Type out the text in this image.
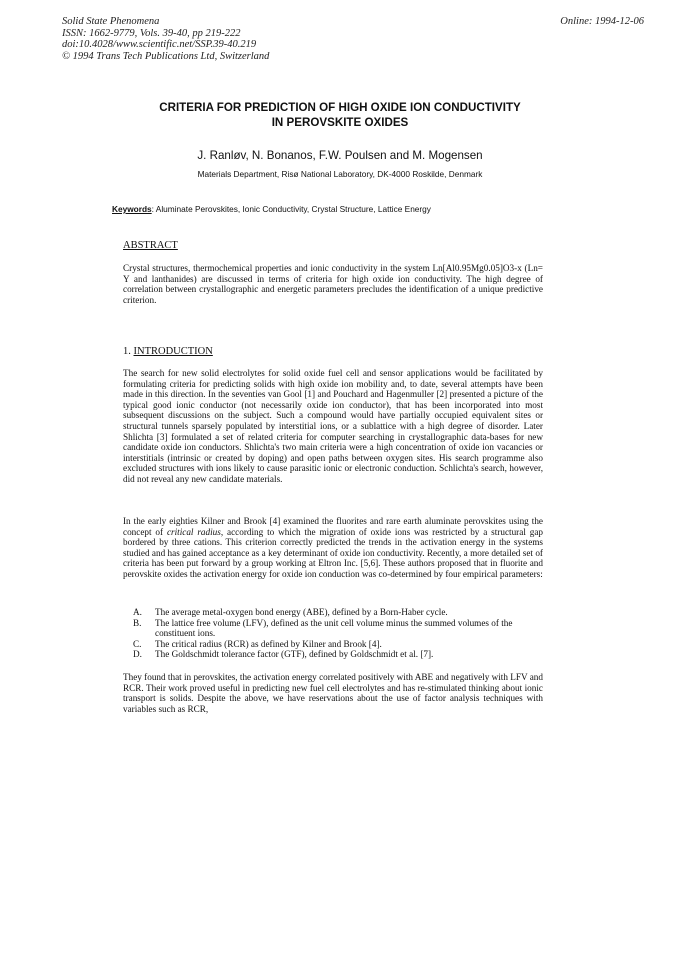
Solid State Phenomena
ISSN: 1662-9779, Vols. 39-40, pp 219-222
doi:10.4028/www.scientific.net/SSP.39-40.219
© 1994 Trans Tech Publications Ltd, Switzerland
Online: 1994-12-06
CRITERIA FOR PREDICTION OF HIGH OXIDE ION CONDUCTIVITY
IN PEROVSKITE OXIDES
J. Ranløv, N. Bonanos, F.W. Poulsen and M. Mogensen
Materials Department, Risø National Laboratory, DK-4000 Roskilde, Denmark
Keywords: Aluminate Perovskites, Ionic Conductivity, Crystal Structure, Lattice Energy
ABSTRACT

Crystal structures, thermochemical properties and ionic conductivity in the system Ln[Al0.95Mg0.05]O3-x (Ln= Y and lanthanides) are discussed in terms of criteria for high oxide ion conductivity. The high degree of correlation between crystallographic and energetic parameters precludes the identification of a unique predictive criterion.

1. INTRODUCTION

The search for new solid electrolytes for solid oxide fuel cell and sensor applications would be facilitated by formulating criteria for predicting solids with high oxide ion mobility and, to date, several attempts have been made in this direction. In the seventies van Gool [1] and Pouchard and Hagenmuller [2] presented a picture of the typical good ionic conductor (not necessarily oxide ion conductor), that has been incorporated into most subsequent discussions on the subject. Such a compound would have partially occupied equivalent sites or structural tunnels sparsely populated by interstitial ions, or a sublattice with a high degree of disorder. Later Shlichta [3] formulated a set of related criteria for computer searching in crystallographic data-bases for new candidate oxide ion conductors. Shlichta's two main criteria were a high concentration of oxide ion vacancies or interstitials (intrinsic or created by doping) and open paths between oxygen sites. His search programme also excluded structures with ions likely to cause parasitic ionic or electronic conduction. Schlichta's search, however, did not reveal any new candidate materials.

In the early eighties Kilner and Brook [4] examined the fluorites and rare earth aluminate perovskites using the concept of critical radius, according to which the migration of oxide ions was restricted by a structural gap bordered by three cations. This criterion correctly predicted the trends in the activation energy in the systems studied and has gained acceptance as a key determinant of oxide ion conductivity. Recently, a more detailed set of criteria has been put forward by a group working at Eltron Inc. [5,6]. These authors proposed that in fluorite and perovskite oxides the activation energy for oxide ion conduction was co-determined by four empirical parameters:

A.	The average metal-oxygen bond energy (ABE), defined by a Born-Haber cycle.
B.	The lattice free volume (LFV), defined as the unit cell volume minus the summed volumes of the constituent ions.
C.	The critical radius (RCR) as defined by Kilner and Brook [4].
D.	The Goldschmidt tolerance factor (GTF), defined by Goldschmidt et al. [7].

They found that in perovskites, the activation energy correlated positively with ABE and negatively with LFV and RCR. Their work proved useful in predicting new fuel cell electrolytes and has re-stimulated thinking about ionic transport is solids. Despite the above, we have reservations about the use of factor analysis techniques with variables such as RCR,
